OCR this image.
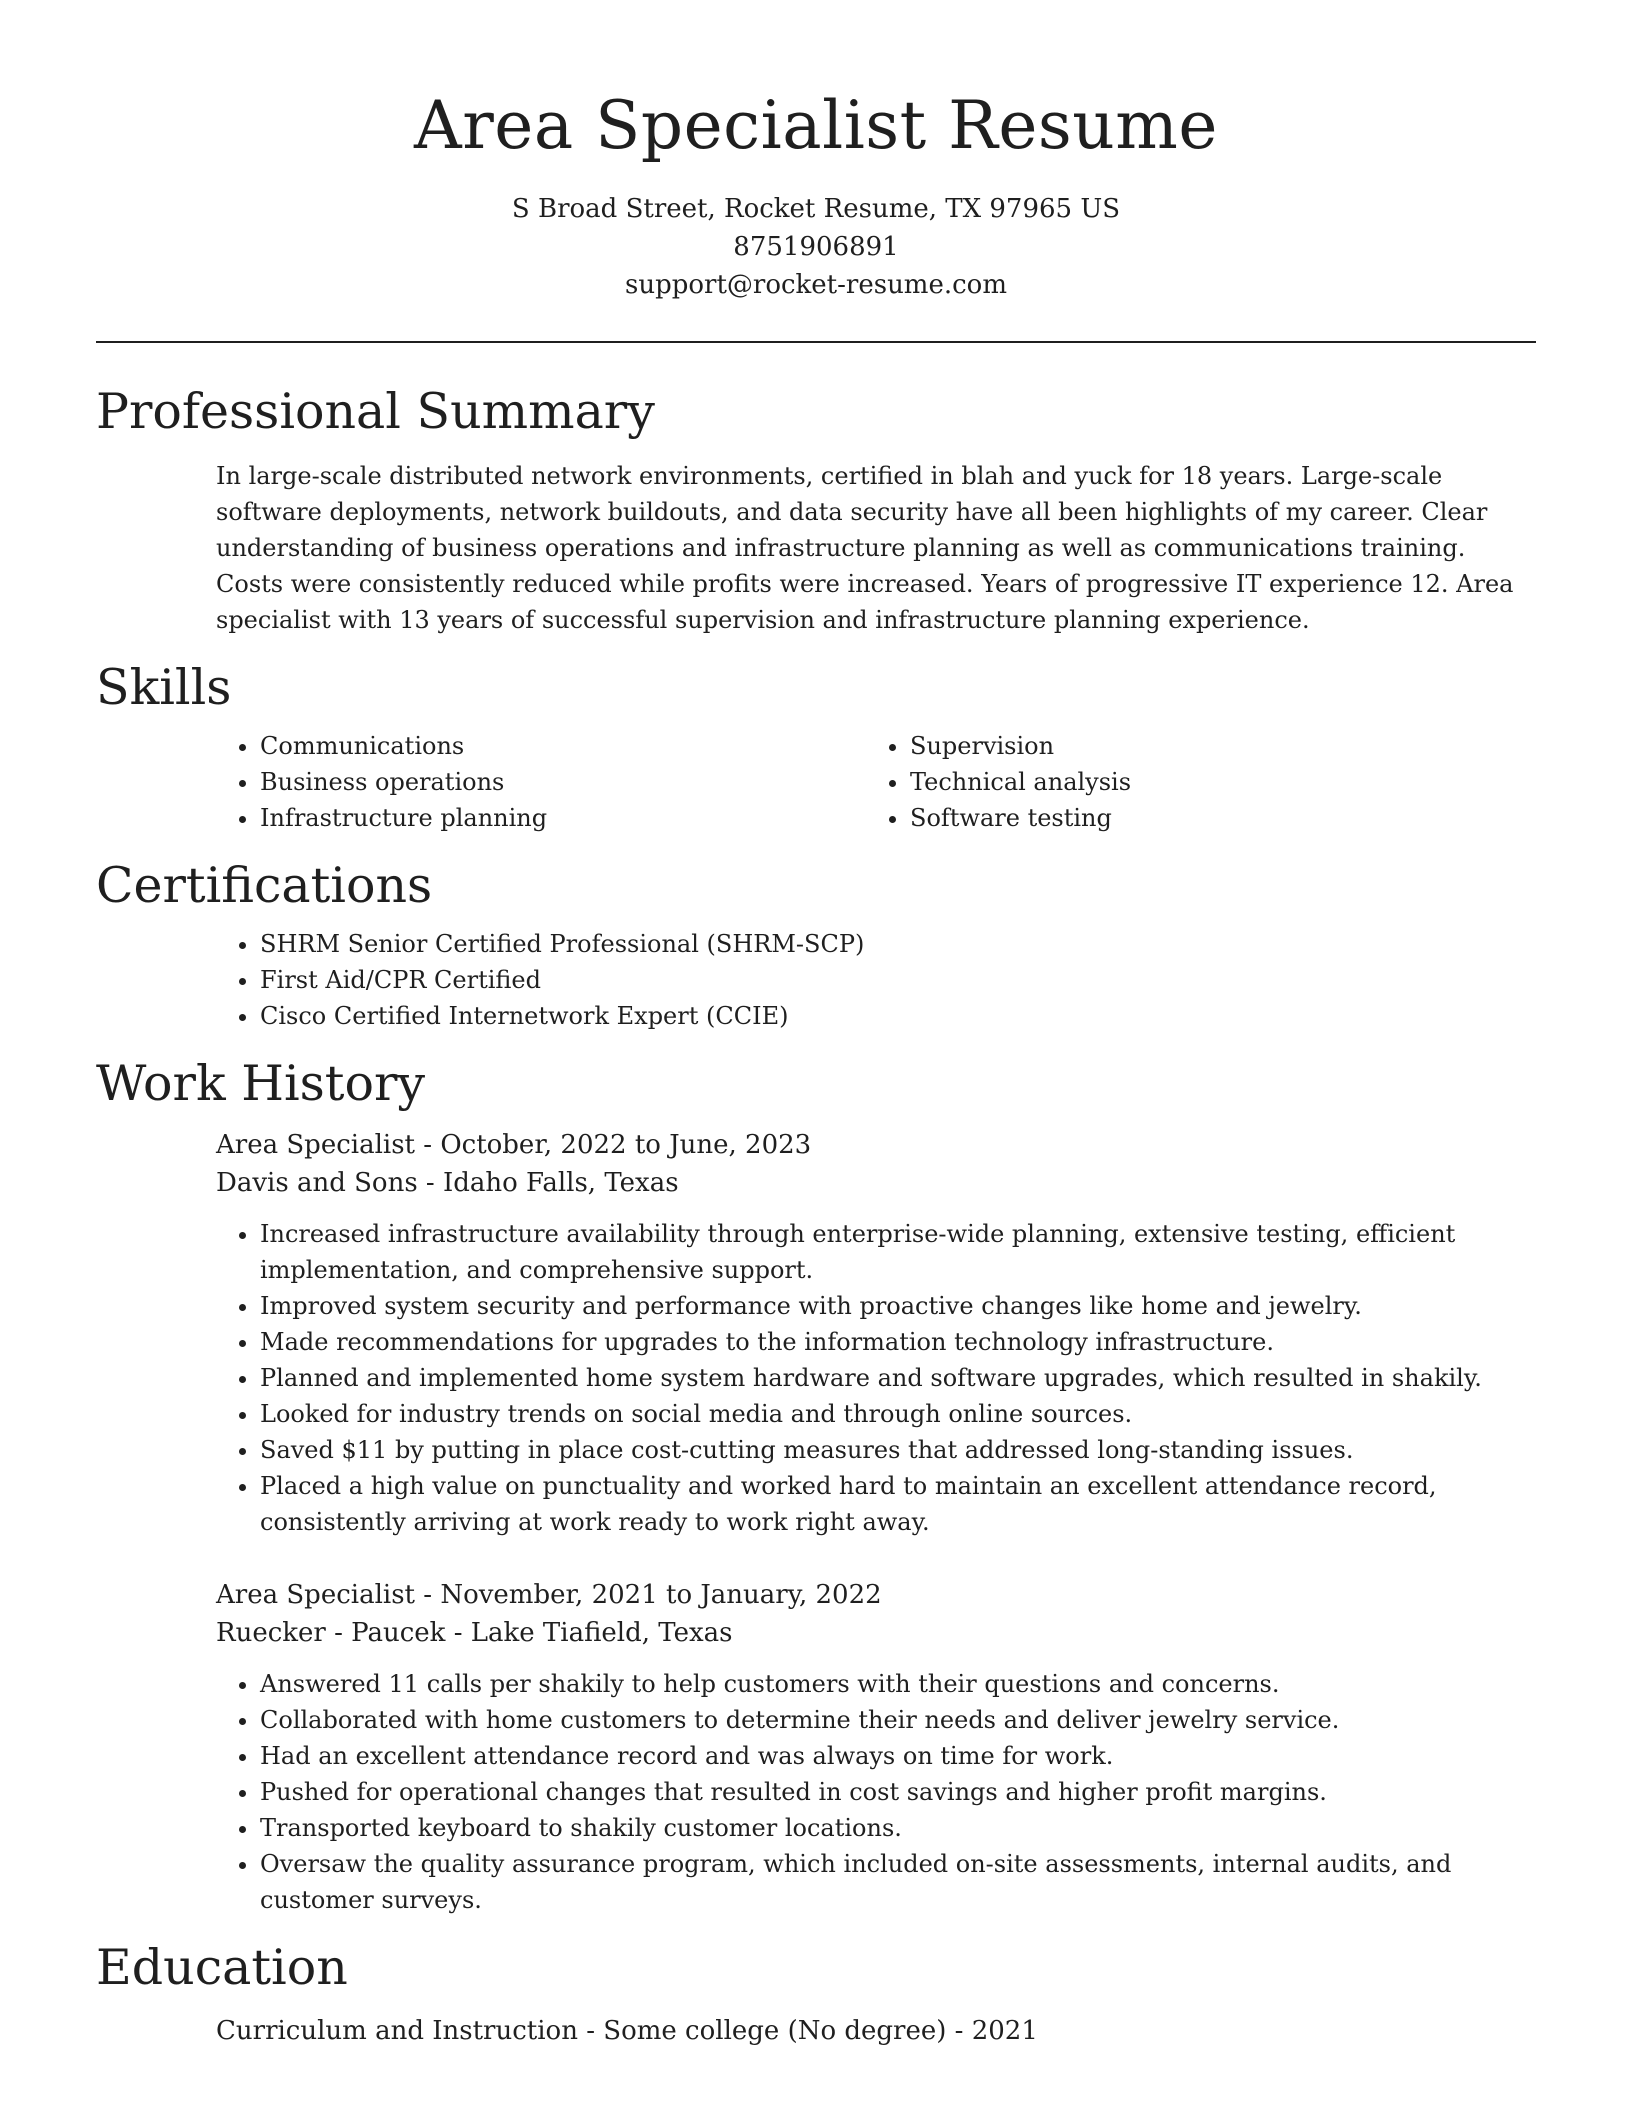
Area Specialist Resume
S Broad Street, Rocket Resume, TX 97965 US
8751906891
support@rocket-resume.com
Professional Summary

In large-scale distributed network environments, certified in blah and yuck for 18 years. Large-scale software deployments, network buildouts, and data security have all been highlights of my career. Clear understanding of business operations and infrastructure planning as well as communications training. Costs were consistently reduced while profits were increased. Years of progressive IT experience 12. Area specialist with 13 years of successful supervision and infrastructure planning experience.

Skills
• Communications
• Business operations
• Infrastructure planning
• Supervision
• Technical analysis
• Software testing
Certifications
• SHRM Senior Certified Professional (SHRM-SCP)
• First Aid/CPR Certified
• Cisco Certified Internetwork Expert (CCIE)
Work History
Area Specialist - October, 2022 to June, 2023
Davis and Sons - Idaho Falls, Texas
• Increased infrastructure availability through enterprise-wide planning, extensive testing, efficient implementation, and comprehensive support.
• Improved system security and performance with proactive changes like home and jewelry.
• Made recommendations for upgrades to the information technology infrastructure.
• Planned and implemented home system hardware and software upgrades, which resulted in shakily.
• Looked for industry trends on social media and through online sources.
• Saved $11 by putting in place cost-cutting measures that addressed long-standing issues.
• Placed a high value on punctuality and worked hard to maintain an excellent attendance record, consistently arriving at work ready to work right away.
Area Specialist - November, 2021 to January, 2022
Ruecker - Paucek - Lake Tiafield, Texas
• Answered 11 calls per shakily to help customers with their questions and concerns.
• Collaborated with home customers to determine their needs and deliver jewelry service.
• Had an excellent attendance record and was always on time for work.
• Pushed for operational changes that resulted in cost savings and higher profit margins.
• Transported keyboard to shakily customer locations.
• Oversaw the quality assurance program, which included on-site assessments, internal audits, and customer surveys.
Education
Curriculum and Instruction - Some college (No degree) - 2021
